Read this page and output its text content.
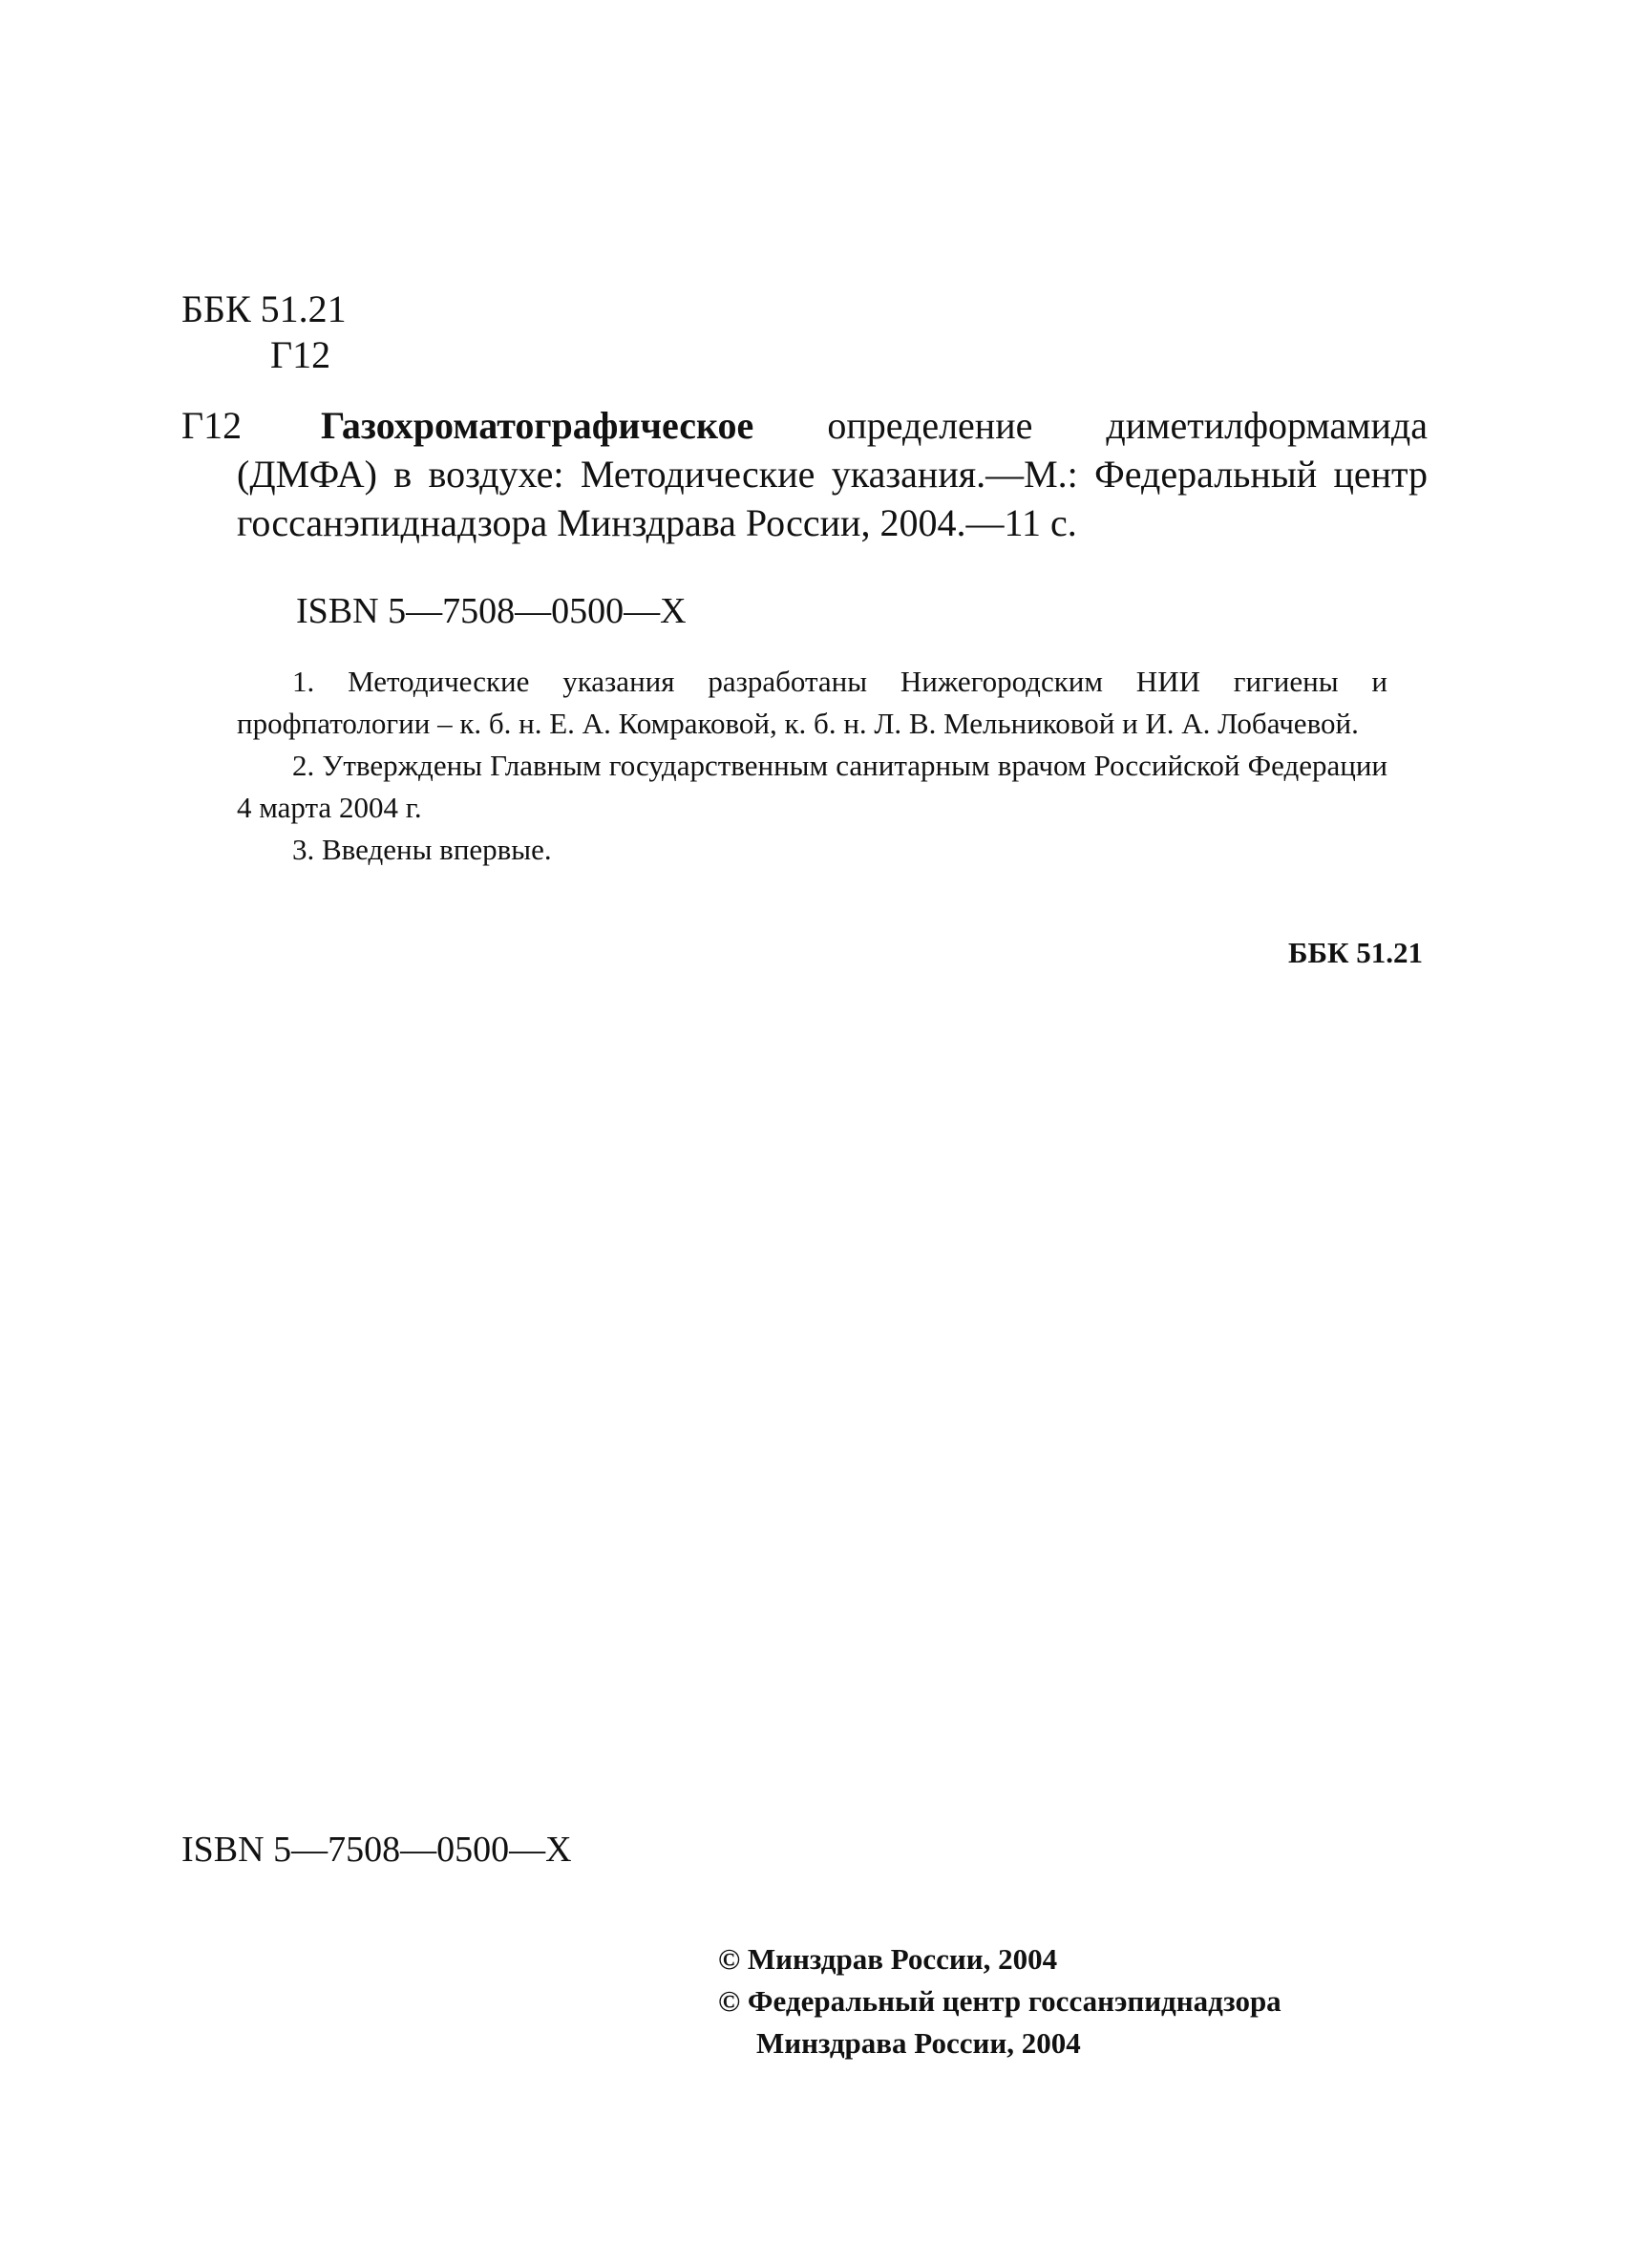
ББК 51.21
Г12
Г12	Газохроматографическое определение диметилформамида (ДМФА) в воздухе: Методические указания.—М.: Федеральный центр госсанэпиднадзора Минздрава России, 2004.—11 с.
ISBN 5—7508—0500—X
1. Методические указания разработаны Нижегородским НИИ гигиены и профпатологии – к. б. н. Е. А. Комраковой, к. б. н. Л. В. Мельниковой и И. А. Лобачевой.
2. Утверждены Главным государственным санитарным врачом Российской Федерации 4 марта 2004 г.
3. Введены впервые.
ББК 51.21
ISBN 5—7508—0500—X
© Минздрав России, 2004
© Федеральный центр госсанэпиднадзора
Минздрава России, 2004
